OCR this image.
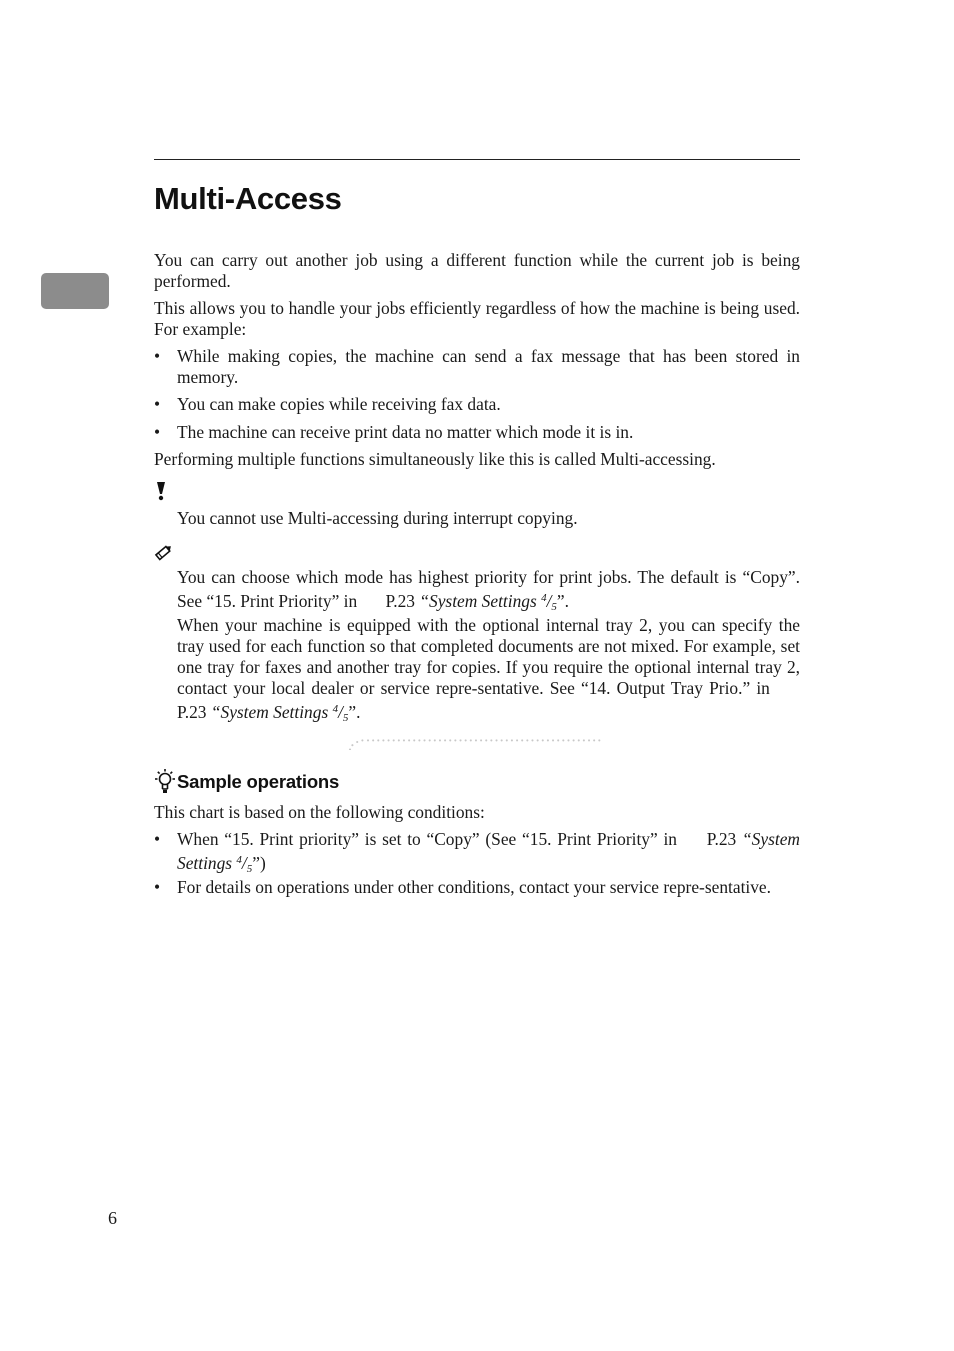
Multi-Access

You can carry out another job using a different function while the current job is being performed.

This allows you to handle your jobs efficiently regardless of how the machine is being used. For example:

• While making copies, the machine can send a fax message that has been stored in memory.
• You can make copies while receiving fax data.
• The machine can receive print data no matter which mode it is in.

Performing multiple functions simultaneously like this is called Multi-accessing.

You cannot use Multi-accessing during interrupt copying.

You can choose which mode has highest priority for print jobs. The default is “Copy”. See “15. Print Priority” in P.23 “System Settings $^4/_5$”.

When your machine is equipped with the optional internal tray 2, you can specify the tray used for each function so that completed documents are not mixed. For example, set one tray for faxes and another tray for copies. If you require the optional internal tray 2, contact your local dealer or service repre-sentative. See “14. Output Tray Prio.” in P.23 “System Settings $^4/_5$”.

Sample operations

This chart is based on the following conditions:

• When “15. Print priority” is set to “Copy” (See “15. Print Priority” in P.23 “System Settings $^4/_5$”)
• For details on operations under other conditions, contact your service repre-sentative.
6
